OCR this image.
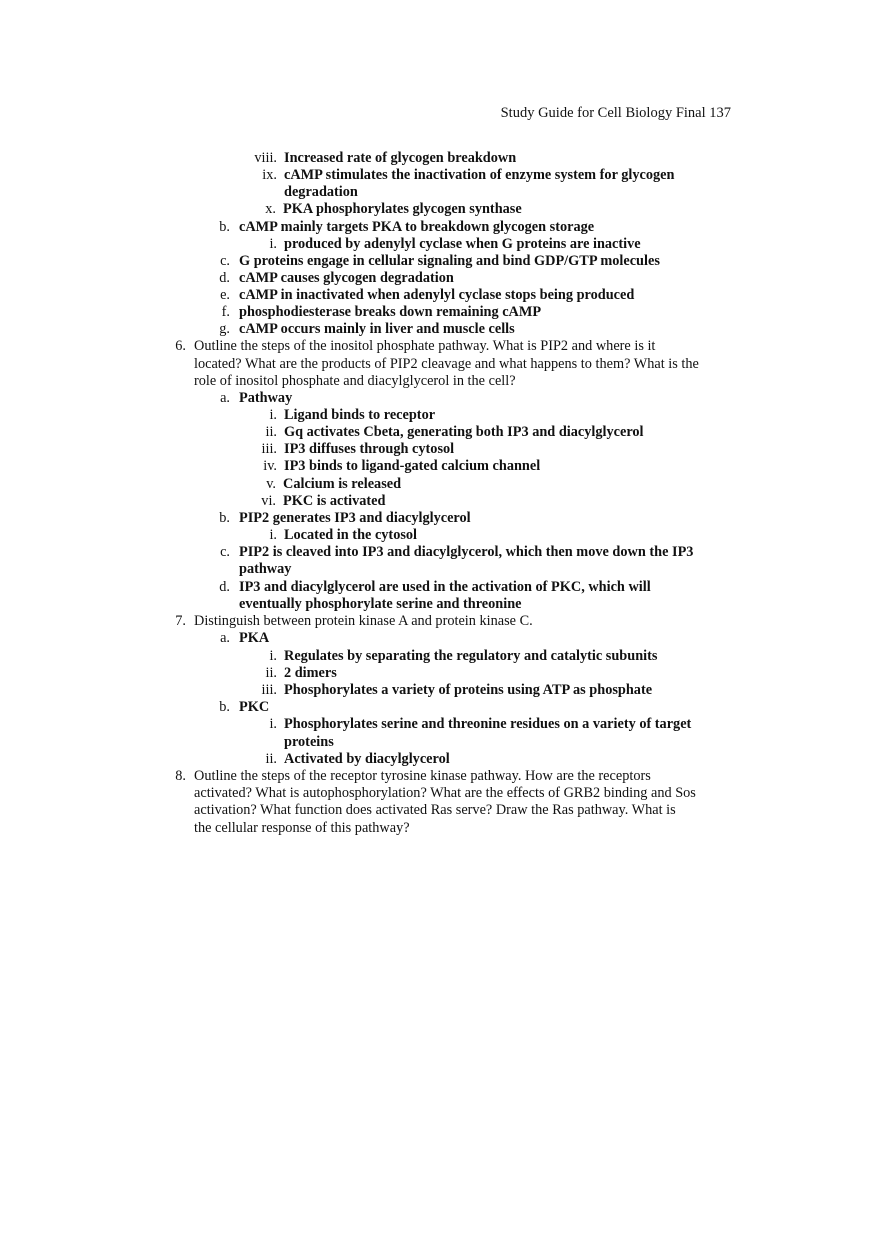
Study Guide for Cell Biology Final 137
viii. Increased rate of glycogen breakdown
ix. cAMP stimulates the inactivation of enzyme system for glycogen
degradation
x. PKA phosphorylates glycogen synthase
b. cAMP mainly targets PKA to breakdown glycogen storage
i. produced by adenylyl cyclase when G proteins are inactive
c. G proteins engage in cellular signaling and bind GDP/GTP molecules
d. cAMP causes glycogen degradation
e. cAMP in inactivated when adenylyl cyclase stops being produced
f. phosphodiesterase breaks down remaining cAMP
g. cAMP occurs mainly in liver and muscle cells
6. Outline the steps of the inositol phosphate pathway. What is PIP2 and where is it
located? What are the products of PIP2 cleavage and what happens to them? What is the
role of inositol phosphate and diacylglycerol in the cell?
a. Pathway
i. Ligand binds to receptor
ii. Gq activates Cbeta, generating both IP3 and diacylglycerol
iii. IP3 diffuses through cytosol
iv. IP3 binds to ligand-gated calcium channel
v. Calcium is released
vi. PKC is activated
b. PIP2 generates IP3 and diacylglycerol
i. Located in the cytosol
c. PIP2 is cleaved into IP3 and diacylglycerol, which then move down the IP3
pathway
d. IP3 and diacylglycerol are used in the activation of PKC, which will
eventually phosphorylate serine and threonine
7. Distinguish between protein kinase A and protein kinase C.
a. PKA
i. Regulates by separating the regulatory and catalytic subunits
ii. 2 dimers
iii. Phosphorylates a variety of proteins using ATP as phosphate
b. PKC
i. Phosphorylates serine and threonine residues on a variety of target
proteins
ii. Activated by diacylglycerol
8. Outline the steps of the receptor tyrosine kinase pathway. How are the receptors
activated? What is autophosphorylation? What are the effects of GRB2 binding and Sos
activation? What function does activated Ras serve? Draw the Ras pathway. What is
the cellular response of this pathway?
